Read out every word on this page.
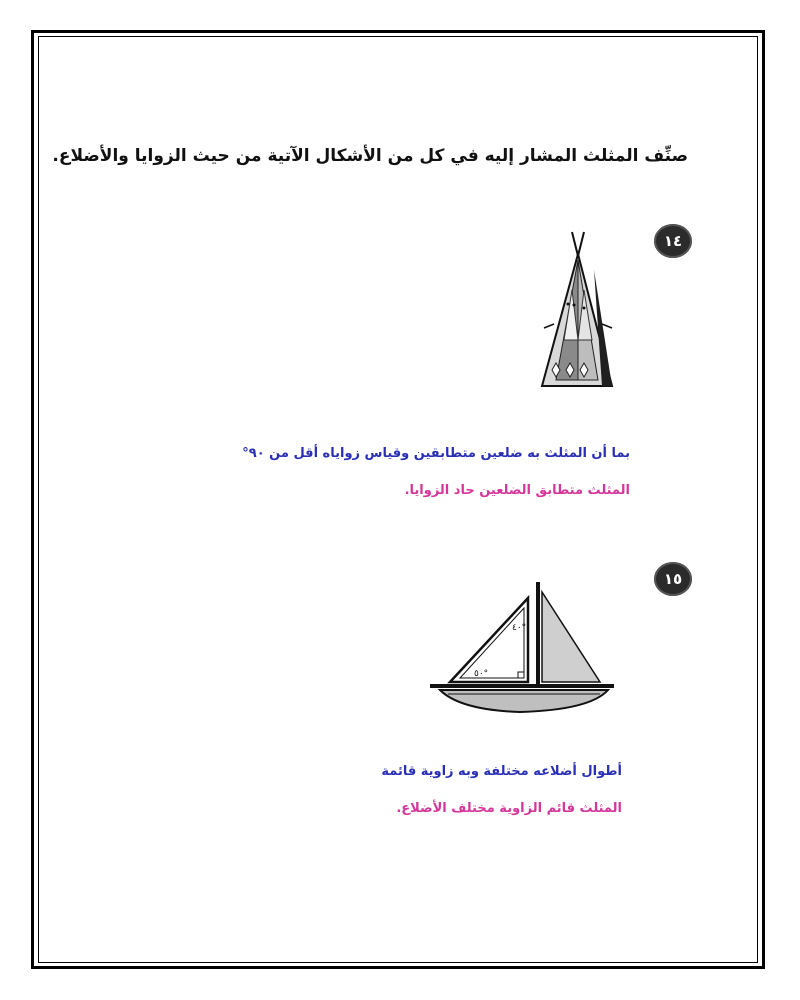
صنِّف المثلث المشار إليه في كل من الأشكال الآتية من حيث الزوايا والأضلاع.
١٤
بما أن المثلث به ضلعين متطابقين وقياس زواياه أقل من ٩٠°
المثلث متطابق الضلعين حاد الزوايا.
١٥
٤٠°
٥٠°
أطوال أضلاعه مختلفة وبه زاوية قائمة
المثلث قائم الزاوية مختلف الأضلاع.
